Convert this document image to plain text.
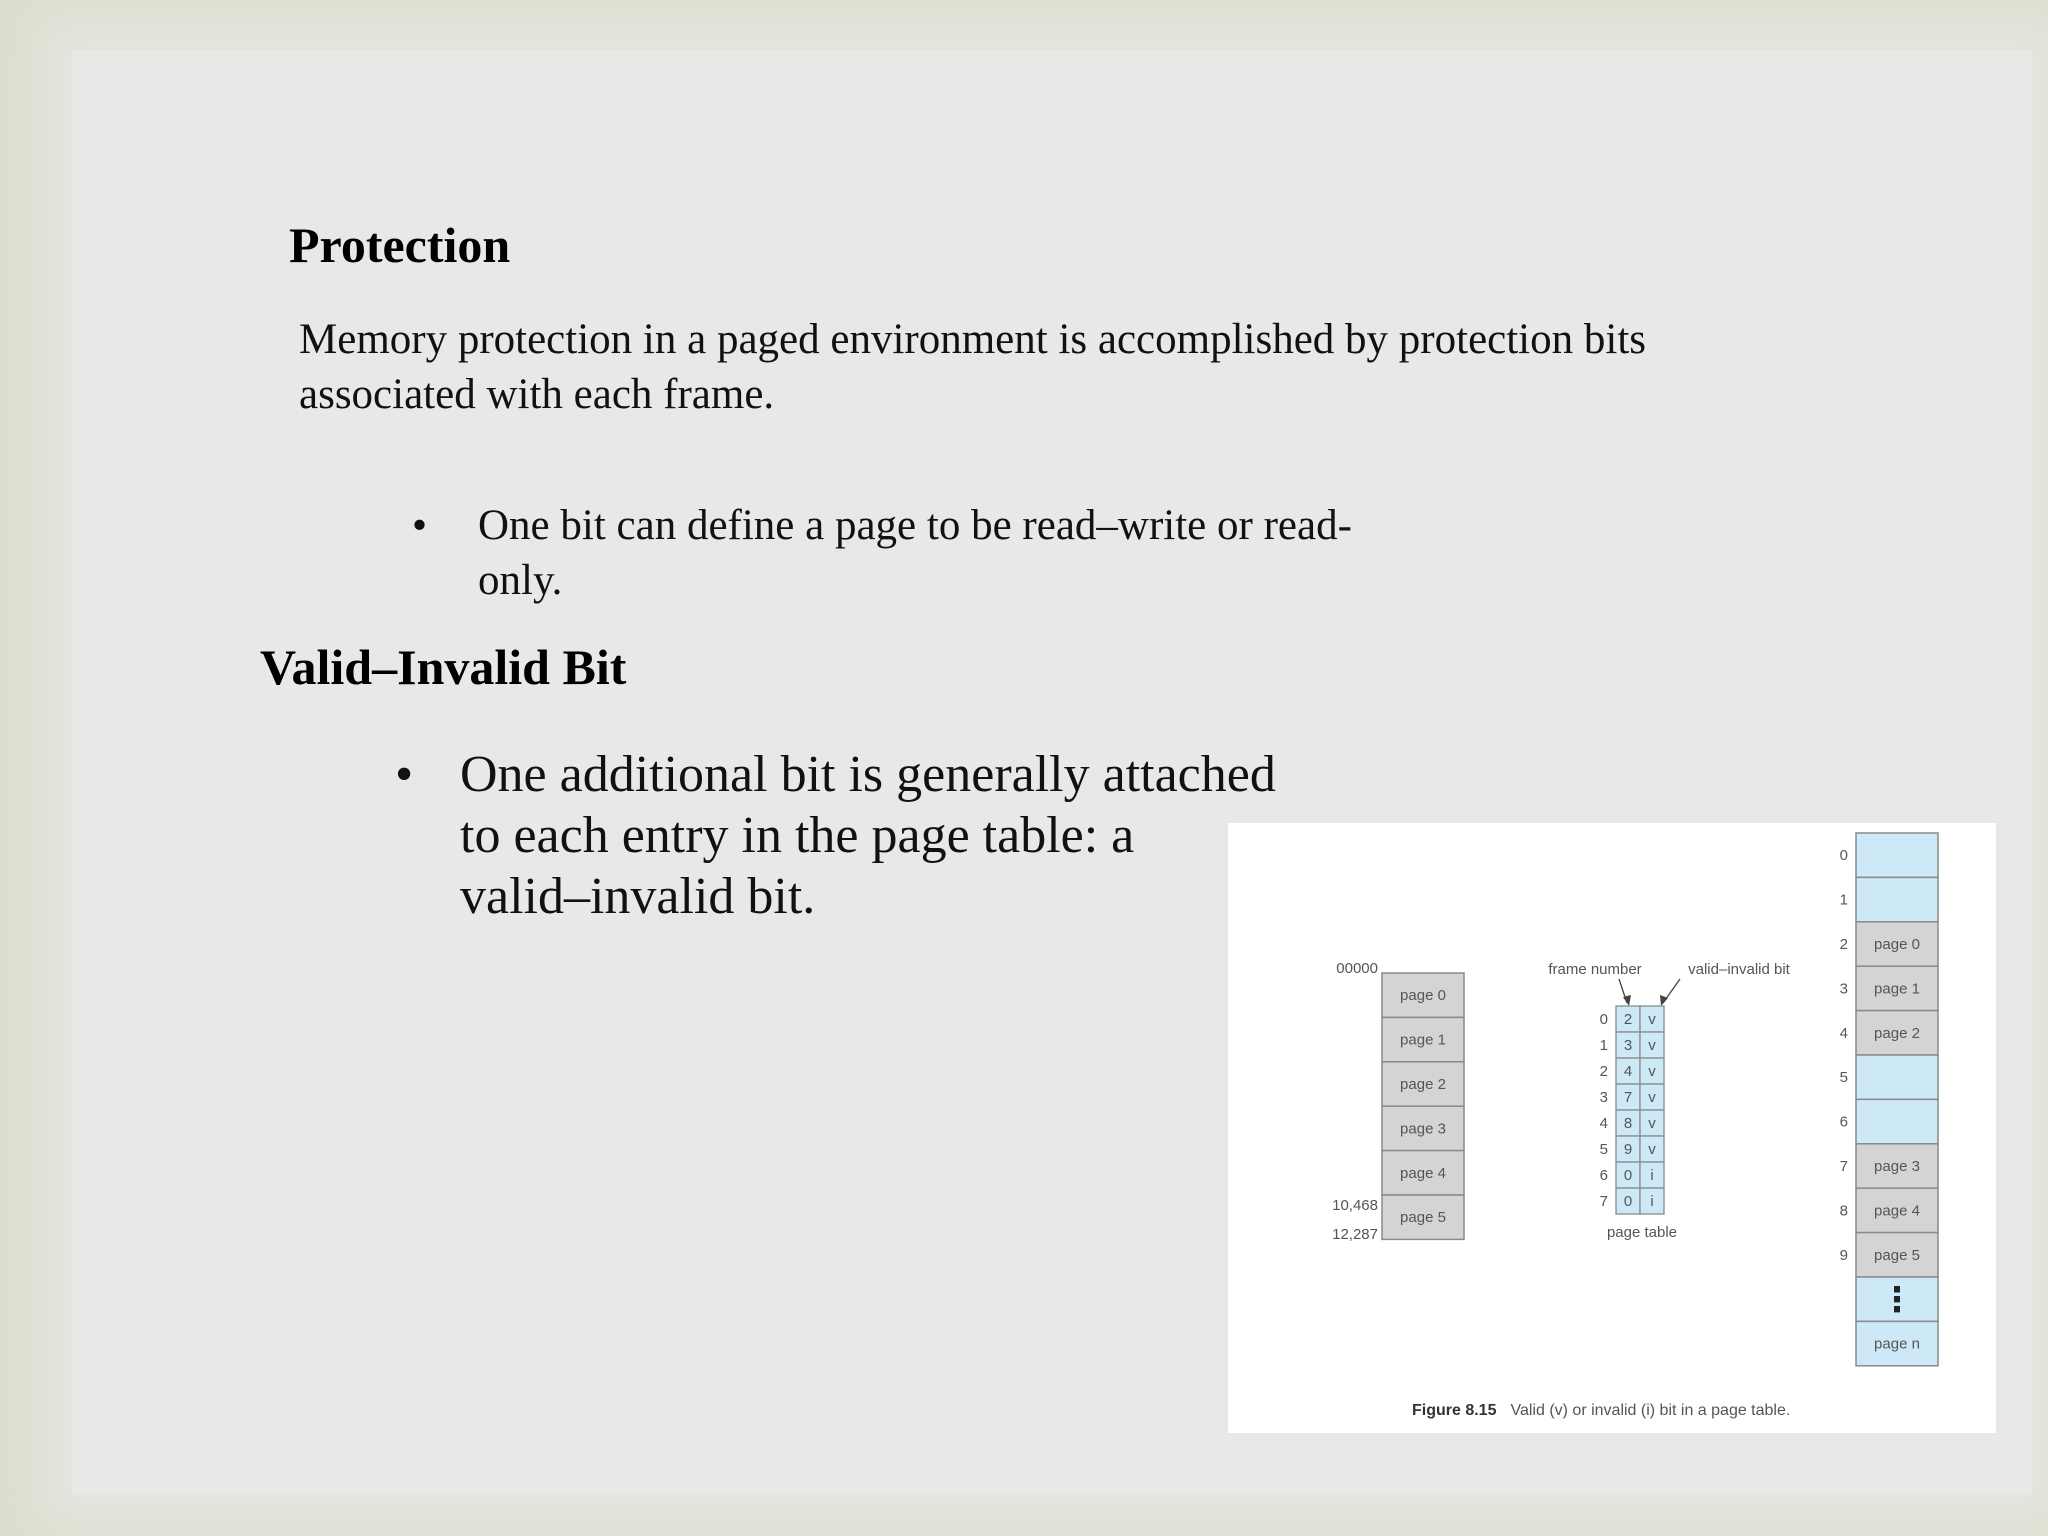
Protection
Memory protection in a paged environment is accomplished by protection bits
associated with each frame.
• One bit can define a page to be read–write or read-
only.
Valid–Invalid Bit
• One additional bit is generally attached
to each entry in the page table: a
valid–invalid bit.
00000
page 0
page 1
page 2
page 3
page 4
page 5
10,468
12,287
frame number	valid–invalid bit
0 2 v
1 3 v
2 4 v
3 7 v
4 8 v
5 9 v
6 0 i
7 0 i
page table
0
1
2 page 0
3 page 1
4 page 2
5
6
7 page 3
8 page 4
9 page 5
⋮
page n
Figure 8.15 Valid (v) or invalid (i) bit in a page table.
